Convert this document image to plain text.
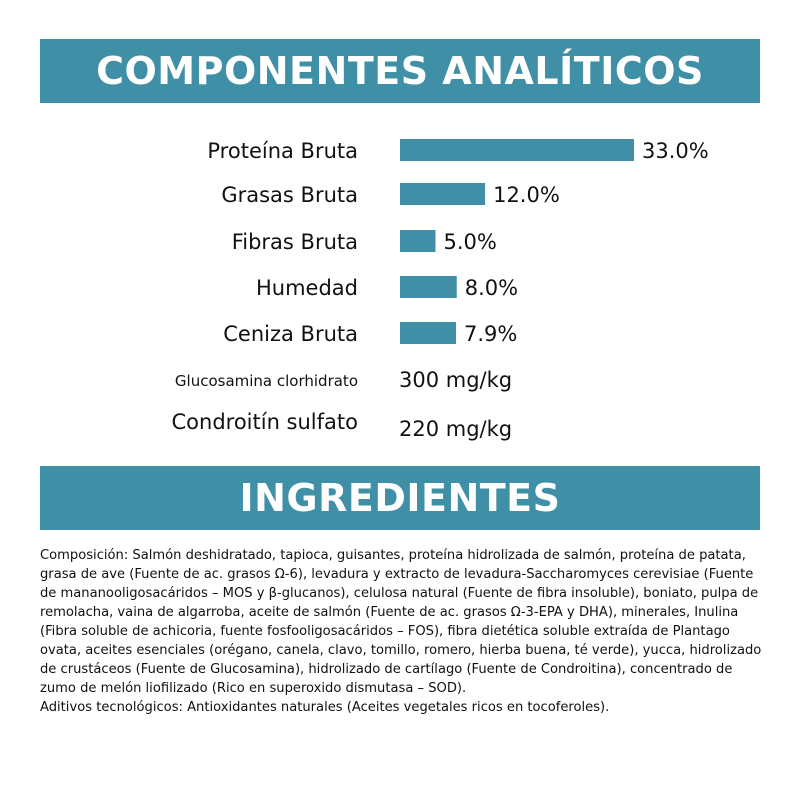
COMPONENTES ANALÍTICOS
Proteína Bruta	33.0%
Grasas Bruta	12.0%
Fibras Bruta	5.0%
Humedad	8.0%
Ceniza Bruta	7.9%
Glucosamina clorhidrato 300 mg/kg
Condroitín sulfato 220 mg/kg
INGREDIENTES

Composición: Salmón deshidratado, tapioca, guisantes, proteína hidrolizada de salmón, proteína de patata, grasa de ave (Fuente de ac. grasos Ω-6), levadura y extracto de levadura-Saccharomyces cerevisiae (Fuente de mananooligosacáridos – MOS y β-glucanos), celulosa natural (Fuente de fibra insoluble), boniato, pulpa de remolacha, vaina de algarroba, aceite de salmón (Fuente de ac. grasos Ω-3-EPA y DHA), minerales, Inulina (Fibra soluble de achicoria, fuente fosfooligosacáridos – FOS), fibra dietética soluble extraída de Plantago ovata, aceites esenciales (orégano, canela, clavo, tomillo, romero, hierba buena, té verde), yucca, hidrolizado de crustáceos (Fuente de Glucosamina), hidrolizado de cartílago (Fuente de Condroitina), concentrado de zumo de melón liofilizado (Rico en superoxido dismutasa – SOD).

Aditivos tecnológicos: Antioxidantes naturales (Aceites vegetales ricos en tocoferoles).
